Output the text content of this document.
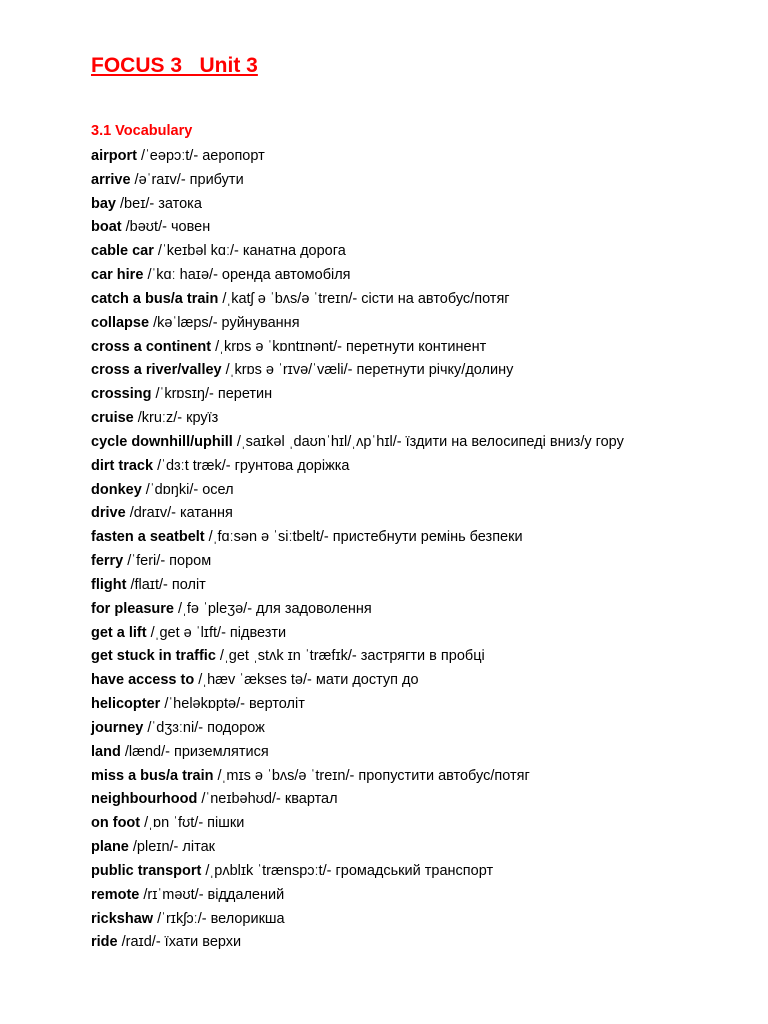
FOCUS 3   Unit 3
3.1 Vocabulary
airport /ˈeəpɔːt/- аеропорт
arrive /əˈraɪv/- прибути
bay /beɪ/- затока
boat /bəʊt/- човен
cable car /ˈkeɪbəl kɑː/- канатна дорога
car hire /ˈkɑː haɪə/- оренда автомобіля
catch a bus/a train /ˌkatʃ ə ˈbʌs/ə ˈtreɪn/- сісти на автобус/потяг
collapse /kəˈlæps/- руйнування
cross a continent /ˌkrɒs ə ˈkɒntɪnənt/- перетнути континент
cross a river/valley /ˌkrɒs ə ˈrɪvə/ˈvæli/- перетнути річку/долину
crossing /ˈkrɒsɪŋ/- перетин
cruise /kruːz/- круїз
cycle downhill/uphill /ˌsaɪkəl ˌdaʊnˈhɪl/ˌʌpˈhɪl/- їздити на велосипеді вниз/у гору
dirt track /ˈdɜːt træk/- грунтова доріжка
donkey /ˈdɒŋki/- осел
drive /draɪv/- катання
fasten a seatbelt /ˌfɑːsən ə ˈsiːtbelt/- пристебнути ремінь безпеки
ferry /ˈferi/- пором
flight /flaɪt/- політ
for pleasure /ˌfə ˈpleʒə/- для задоволення
get a lift /ˌget ə ˈlɪft/- підвезти
get stuck in traffic /ˌget ˌstʌk ɪn ˈtræfɪk/- застрягти в пробці
have access to /ˌhæv ˈækses tə/- мати доступ до
helicopter /ˈheləkɒptə/- вертоліт
journey /ˈdʒɜːni/- подорож
land /lænd/- приземлятися
miss a bus/a train /ˌmɪs ə ˈbʌs/ə ˈtreɪn/- пропустити автобус/потяг
neighbourhood /ˈneɪbəhʊd/- квартал
on foot /ˌɒn ˈfʊt/- пішки
plane /pleɪn/- літак
public transport /ˌpʌblɪk ˈtrænspɔːt/- громадський транспорт
remote /rɪˈməʊt/- віддалений
rickshaw /ˈrɪkʃɔː/- велорикша
ride /raɪd/- їхати верхи
